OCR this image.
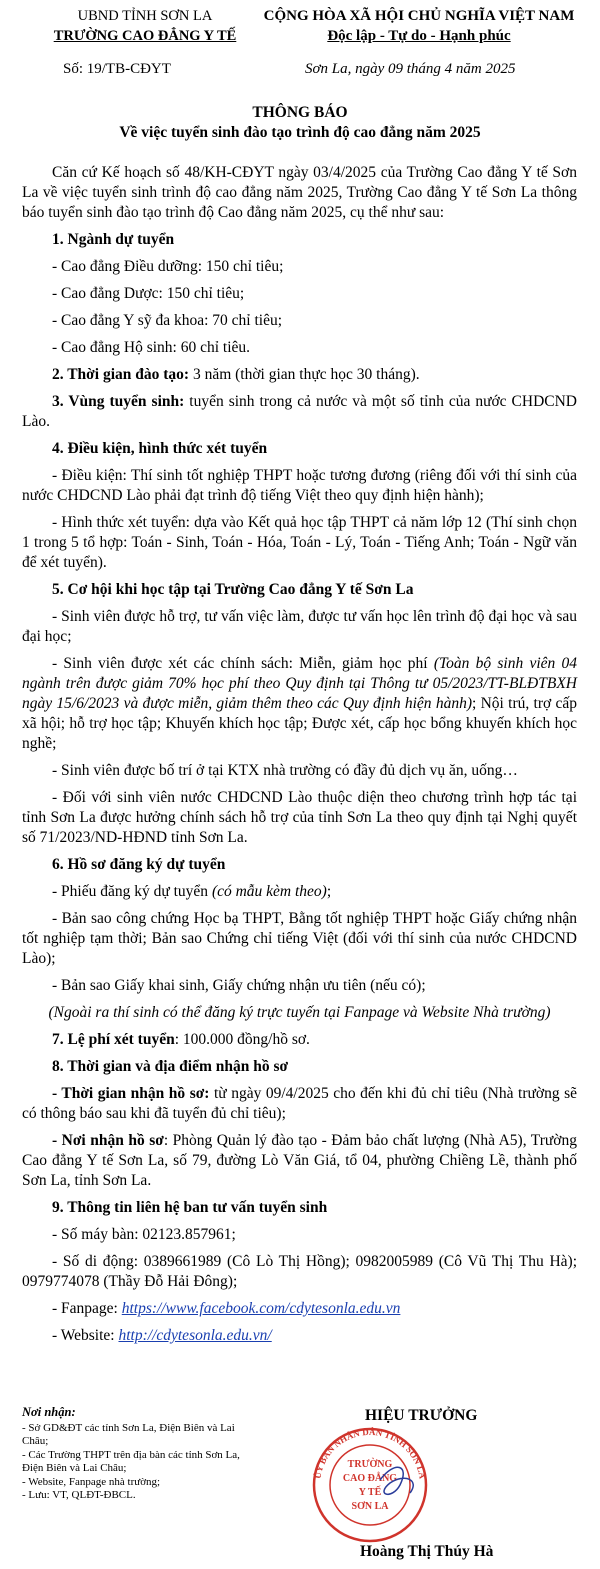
UBND TỈNH SƠN LA
TRƯỜNG CAO ĐẲNG Y TẾ
CỘNG HÒA XÃ HỘI CHỦ NGHĨA VIỆT NAM
Độc lập - Tự do - Hạnh phúc
Số: 19/TB-CĐYT	Sơn La, ngày 09 tháng 4 năm 2025
THÔNG BÁO
Về việc tuyển sinh đào tạo trình độ cao đẳng năm 2025

Căn cứ Kế hoạch số 48/KH-CĐYT ngày 03/4/2025 của Trường Cao đẳng Y tế Sơn La về việc tuyển sinh trình độ cao đẳng năm 2025, Trường Cao đẳng Y tế Sơn La thông báo tuyển sinh đào tạo trình độ Cao đẳng năm 2025, cụ thể như sau:

1. Ngành dự tuyển

- Cao đẳng Điều dưỡng: 150 chỉ tiêu;

- Cao đẳng Dược: 150 chỉ tiêu;

- Cao đẳng Y sỹ đa khoa: 70 chỉ tiêu;

- Cao đẳng Hộ sinh: 60 chỉ tiêu.

2. Thời gian đào tạo: 3 năm (thời gian thực học 30 tháng).

3. Vùng tuyển sinh: tuyển sinh trong cả nước và một số tỉnh của nước CHDCND Lào.

4. Điều kiện, hình thức xét tuyển

- Điều kiện: Thí sinh tốt nghiệp THPT hoặc tương đương (riêng đối với thí sinh của nước CHDCND Lào phải đạt trình độ tiếng Việt theo quy định hiện hành);

- Hình thức xét tuyển: dựa vào Kết quả học tập THPT cả năm lớp 12 (Thí sinh chọn 1 trong 5 tổ hợp: Toán - Sinh, Toán - Hóa, Toán - Lý, Toán - Tiếng Anh; Toán - Ngữ văn để xét tuyển).

5. Cơ hội khi học tập tại Trường Cao đẳng Y tế Sơn La

- Sinh viên được hỗ trợ, tư vấn việc làm, được tư vấn học lên trình độ đại học và sau đại học;

- Sinh viên được xét các chính sách: Miễn, giảm học phí (Toàn bộ sinh viên 04 ngành trên được giảm 70% học phí theo Quy định tại Thông tư 05/2023/TT-BLĐTBXH ngày 15/6/2023 và được miễn, giảm thêm theo các Quy định hiện hành); Nội trú, trợ cấp xã hội; hỗ trợ học tập; Khuyến khích học tập; Được xét, cấp học bổng khuyến khích học nghề;

- Sinh viên được bố trí ở tại KTX nhà trường có đầy đủ dịch vụ ăn, uống…

- Đối với sinh viên nước CHDCND Lào thuộc diện theo chương trình hợp tác tại tỉnh Sơn La được hưởng chính sách hỗ trợ của tỉnh Sơn La theo quy định tại Nghị quyết số 71/2023/ND-HĐND tỉnh Sơn La.

6. Hồ sơ đăng ký dự tuyển

- Phiếu đăng ký dự tuyển (có mẫu kèm theo);

- Bản sao công chứng Học bạ THPT, Bằng tốt nghiệp THPT hoặc Giấy chứng nhận tốt nghiệp tạm thời; Bản sao Chứng chỉ tiếng Việt (đối với thí sinh của nước CHDCND Lào);

- Bản sao Giấy khai sinh, Giấy chứng nhận ưu tiên (nếu có);

(Ngoài ra thí sinh có thể đăng ký trực tuyến tại Fanpage và Website Nhà trường)

7. Lệ phí xét tuyển: 100.000 đồng/hồ sơ.

8. Thời gian và địa điểm nhận hồ sơ

- Thời gian nhận hồ sơ: từ ngày 09/4/2025 cho đến khi đủ chỉ tiêu (Nhà trường sẽ có thông báo sau khi đã tuyển đủ chỉ tiêu);

- Nơi nhận hồ sơ: Phòng Quản lý đào tạo - Đảm bảo chất lượng (Nhà A5), Trường Cao đẳng Y tế Sơn La, số 79, đường Lò Văn Giá, tổ 04, phường Chiềng Lề, thành phố Sơn La, tỉnh Sơn La.

9. Thông tin liên hệ ban tư vấn tuyển sinh

- Số máy bàn: 02123.857961;

- Số di động: 0389661989 (Cô Lò Thị Hồng); 0982005989 (Cô Vũ Thị Thu Hà); 0979774078 (Thầy Đỗ Hải Đông);

- Fanpage: https://www.facebook.com/cdytesonla.edu.vn

- Website: http://cdytesonla.edu.vn/

Nơi nhận:
- Sở GD&ĐT các tỉnh Sơn La, Điện Biên và Lai Châu;
- Các Trường THPT trên địa bàn các tỉnh Sơn La, Điện Biên và Lai Châu;
- Website, Fanpage nhà trường;
- Lưu: VT, QLĐT-ĐBCL.
HIỆU TRƯỞNG
ỦY BAN NHÂN DÂN TỈNH SƠN LA
TRƯỜNG
CAO ĐẲNG
Y TẾ
SƠN LA
Hoàng Thị Thúy Hà
